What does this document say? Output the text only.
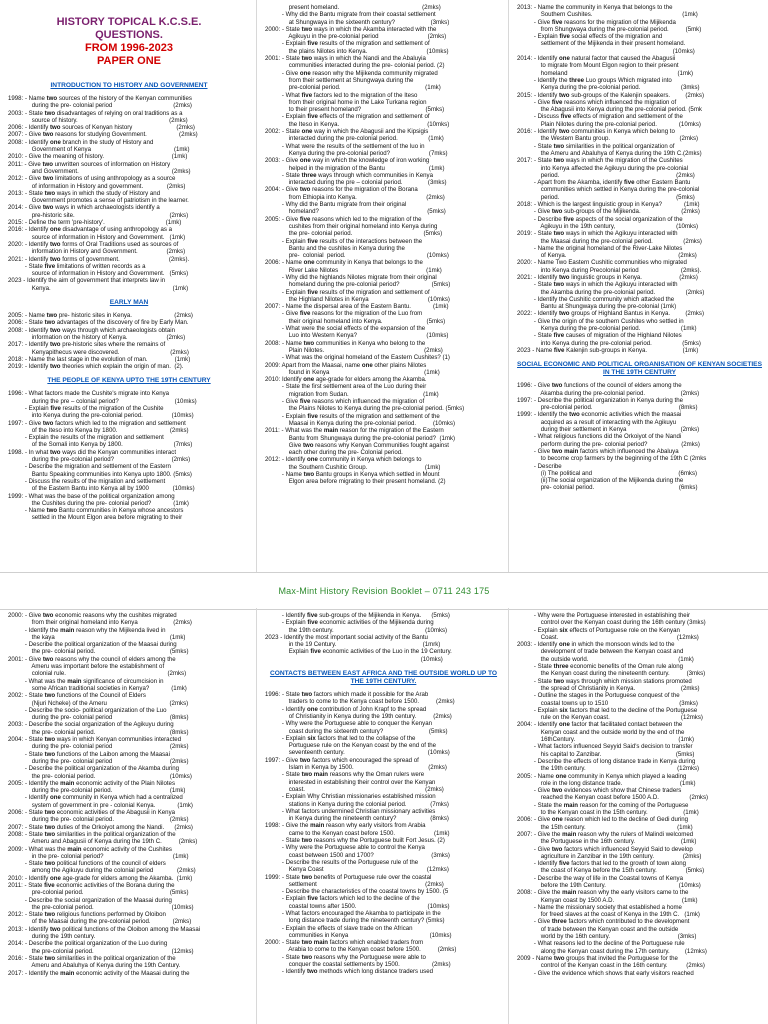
HISTORY TOPICAL K.C.S.E.
QUESTIONS.
FROM 1996-2023
PAPER ONE
INTRODUCTION TO HISTORY AND GOVERNMENT
1998: - Name two sources of the history of the Kenyan communities
during the pre- colonial period                                    (2mks)
2003: - State two disadvantages of relying on oral traditions as a
source of history.                                                      (2mks)
2006: - Identify two sources of Kenyan history                          (2mks)
2007: - Give two reasons for studying Government.                   (2mks)
2008: - Identify one branch in the study of History and
Government of Kenya                                                 (1mk)
2010: - Give the meaning of history.                                        (1mk)
2011: - Give two unwritten sources of information on History
and Government.                                                       (2mks)
2012: - Give two limitations of using anthropology as a source
of information in History and government.              (2mks)
2013: - State two ways in which the study of History and
Government promotes a sense of patriotism in the learner.
2014: - Give two ways in which archaeologists identify a
pre-historic site.                                                        (2mks)
2015: - Define the term 'pre-history'.                                    (1mk)
2016: - Identify one disadvantage of using anthropology as a
source of information in History and Government.   (1mk)
2020: - Identify two forms of Oral Traditions used as sources of
information in History and Government.                 (2mks)
2021: - Identify two forms of government.                             (2mks).
- State five limitations of written records as a
source of information in History and Government.   (5mks)
2023 - Identify the aim of government that interprets law in
Kenya.                                                                        (1mk)
EARLY MAN
2005: - Name two pre- historic sites in Kenya.                         (2mks)
2006: - State two advantages of the discovery of fire by Early Man.
2008: - Identify two ways through which archaeologists obtain
information on the history of Kenya.                       (2mks)
2017: - Identify two pre-historic sites where the remains of
Kenyapithecus were discovered.                              (2mks)
2018: - Name the last stage in the evolution of man.                (1mk)
2019: - Identify two theories which explain the origin of man.  (2).
THE PEOPLE OF KENYA UPTO THE 19TH CENTURY
1996: - What factors made the Cushite's migrate into Kenya
during the pre – colonial period?                                 (10mks)
- Explain five results of the migration of the Cushite
into Kenya during the pre-colonial period.                 (10mks)
1997: - Give two factors which led to the migration and settlement
of the Iteso into Kenya by 1800.                               (2mks)
- Explain the results of the migration and settlement
of the Somali into Kenya by 1800.                              (7mks)
1998. - In what two ways did the Kenyan communities interact
during the pre-colonial period?                                  (2mks)
- Describe the migration and settlement of the Eastern
Bantu Speaking communities into Kenya upto 1800. (5mks)
- Discuss the results of the migration and settlement
of the Eastern Bantu into Kenya all by 1900              (10mks)
1999: - What was the base of the political organization among
the Cushites during the pre- colonial period?             (1mk)
- Name two Bantu communities in Kenya whose ancestors
settled in the Mount Elgon area before migrating to their
present homeland.                                                 (2mks)
- Why did the Bantu migrate from their coastal settlement
at Shungwaya in the sixteenth century?                     (3mks)
2000: - State two ways in which the Akamba interacted with the
Agikuyu in the pre-colonial period                             (2mks)
- Explain five results of the migration and settlement of
the plains Nilotes into Kenya.                                   (10mks)
2001: - State two ways in which the Nandi and the Abaluyia
communities interacted during the pre- colonial period. (2)
- Give one reason why the Mijikenda community migrated
from their settlement at Shungwaya during the
pre-colonial period.                                                  (1mk)
- What five factors led to the migration of the Iteso
from their original home in the Lake Turkana region
to their present homeland?                                      (5mks)
- Explain five effects of the migration and settlement of
the Iteso in Kenya.                                                    (10mks)
2002: - State one way in which the Abagusii and the Kipsigis
interacted during the pre-colonial period.                  (1mk)
- What were the results of the settlement of the luo in
Kenya during the pre-colonial period?                       (7mks)
2003: - Give one way in which the knowledge of iron working
helped in the migration of the Bantu                          (1mk)
- State three ways through which communities in Kenya
interacted during the pre – colonial period.               (3mks)
2004: - Give two reasons for the migration of the Borana
from Ethiopia into Kenya.                                         (2mks)
- Why did the Bantu migrate from their original
homeland?                                                                (5mks)
2005: - Give five reasons which led to the migration of the
cushites from their original homeland into Kenya during
the pre- colonial period.                                          (5mks)
- Explain five results of the interactions between the
Bantu and the cushites in Kenya during the
pre-  colonial  period.                                                (10mks)
2006: - Name one community in Kenya that belongs to the
River Lake Nilotes                                                    (1mk)
- Why did the highlands Nilotes migrate from their original
homeland during the pre-colonial period?                   (5mks)
- Explain five results of the migration and settlement of
the Highland Nilotes in Kenya                                   (10mks)
2007: - Name the dispersal area of the Eastern Bantu.             (1mk)
- Give five reasons for the migration of the Luo from
their original homeland into Kenya.                          (5mks)
- What were the social effects of the expansion of the
Luo into Western Kenya?                                         (10mks)
2008: - Name two communities in Kenya who belong to the
Plain Nilotes.                                                           (2mks)
- What was the original homeland of the Eastern Cushites? (1)
2009: Apart from the Maasai, name one other plains Nilotes
found in Kenya                                                        (1mk)
2010: Identify one age-grade for elders among the Akamba.
- State the first settlement area of the Luo during their
migration from Sudan.                                            (1mk)
- Give five reasons which influenced the migration of
the Plains Nilotes to Kenya during the pre-colonial period. (5mks)
- Explain five results of the migration and settlement of the
Maasai in Kenya during the pre-colonial period.          (10mks)
2011: - What was the main reason for the migration of the Eastern
Bantu from Shungwaya during the pre-colonial period?  (1mk)
Give two reasons why Kenyan Communities fought against
each other during the pre- Colonial period.
2012: - Identify one community in Kenya which belongs to
the Southern Cushitic Group.                                  (1mk)
- Name two Bantu groups in Kenya which settled in Mount
Elgon area before migrating to their present homeland. (2)
2013: - Name the community in Kenya that belongs to the
Southern Cushites.                                                     (1mk)
- Give five reasons for the migration of the Mijikenda
from Shungwaya during the pre-colonial period.          (5mk)
- Explain five social effects of the migration and
settlement of the Mijikenda in their present homeland.
(10mks)
2014: - Identify one natural factor that caused the Abagusii
to migrate from Mount Elgon region to their present
homeland                                                                 (1mk)
- Identify the three Luo groups Which migrated into
Kenya during the pre-colonial period.                        (3mks)
2015: - Identify two sub-groups of the Kalenjin speakers.         (2mks)
- Give five reasons which influenced the migration of
the Abagusii into Kenya during the pre-colonial period. (5mk
- Discuss five effects of migration and settlement of the
Plain Nilotes during the pre-colonial period.             (10mks)
2016: - Identify two communities in Kenya which belong to
the Western Bantu group.                                         (2mks)
- State two similarities in the political organization of
the Ameru and Abaluhya of Kenya during the 19th C.(2mks)
2017: - State two ways in which the migration of the Cushites
into Kenya affected the Agikuyu during the pre-colonial
period.                                                                     (2mks)
- Apart from the Akamba, identify five other Eastern Bantu
communities which settled in Kenya during the pre-colonial
period.                                                                     (5mks)
2018: - Which is the largest linguistic group in Kenya?             (1mk)
- Give two sub-groups of the Mijikenda.                        (2mks)
- Describe five aspects of the social organization of the
Agikuyu in the 19th century,                                    (10mks)
2019: - State two ways in which the Agikuyu interacted with
the Maasai during the pre-colonial period.                  (2mks)
- Name the original homeland of the River-Lake Nilotes
of Kenya.                                                                  (2mks)
2020: - Name Two Eastern Cushitic communities who migrated
into Kenya during Precolonial period                         (2mks).
2021: - Identify two linguistic groups in Kenya.                      (2mks)
- State two ways in which the Agikuyu interacted with
the Akamba during the pre-colonial period.                  (2mks)
- Identify the Cushitic community which attacked the
Bantu at Shungwaya during the pre-colonial (1mk)
2022: - Identify two groups of Highland Bantus in Kenya.         (2mks)
- Give the origin of the southern Cushites who settled in
Kenya during the pre-colonial period.                        (1mk)
- State five causes of migration of the Highland Nilotes
into Kenya during the pre-colonial period.                  (5mks)
2023 - Name five Kalenjin sub-groups in Kenya.                     (1mk)
SOCIAL ECONOMIC AND POLITICAL ORGANISATION OF KENYAN SOCIETIES IN THE 19TH CENTURY
1996: - Give two functions of the council of elders among the
Akamba during the pre-colonial period.                     (2mks)
1997: - Describe the political organization in Kenya during the
pre-colonial period.                                                   (8mks)
1999: - Identify the two economic activities which the maasai
acquired as a result of interacting with the Agikuyu
during their settlement in Kenya                                (2mks)
- What religious functions did the Orkoiyot of the Nandi
perform during the pre- colonial period?                    (2mks)
- Give two main factors which influenced the Abaluya
to become crop farmers by the beginning of the 19th C (2mks
- Describe
(i) The political and                                                   (6mks)
(ii)The social organization of the Mijikenda during the
pre- colonial period.                                                  (6mks)
Max-Mint History Revision Booklet – 0711 243 175
2000: - Give two economic reasons why the cushites migrated
from their original homeland into Kenya                     (2mks)
- Identify the main reason why the Mijikenda lived in
the kaya                                                                    (1mk)
- Describe the political organization of the Maasai during
the pre- colonial period.                                            (5mks)
2001: - Give two reasons why the council of elders among the
Ameru was important before the establishment of
colonial rule.                                                            (2mks)
- What was the main significance of circumcision in
some African traditional societies in Kenya?             (1mk)
2002: - State two functions of the Council of Elders
(Njuri Ncheke) of the Ameru                                     (2mks)
- Describe the socio- political organization of the Luo
during the pre- colonial period                                  (8mks)
2003: - Describe the social organization of the Agikuyu during
the pre- colonial period.                                            (8mks)
2004: - State two ways in which Kenyan communities interacted
during the pre- colonial period                                  (2mks)
- State two functions of the Laibon among the Maasai
during the pre- colonial period                                  (2mks)
- Describe the political organization of the Akamba during
the pre- colonial period.                                            (10mks)
2005: - Identify the main economic activity of the Plain Nilotes
during the pre-colonial period.                                  (1mk)
- Identify one community in Kenya which had a centralized
system of government in pre - colonial Kenya.             (1mk)
2006: - State two economic activities of the Abagusii in Kenya
during the pre- colonial period.                                 (2mks)
2007: - State two duties of the Orkoiyot among the Nandi.      (2mks)
2008: - State two similarities in the political organization of the
Ameru and Abagusii of Kenya during the 19th C.          (2mks)
2009: - What was the main economic activity of the Cushites
in the pre- colonial period?                                         (1mk)
- State two political functions of the council of elders
among the Agikuyu during the colonial period              (2mks)
2010: - Identify one age-grade for elders among the Akamba.  (1mk)
2011: - State five economic activities of the Borana during the
pre-colonial period.                                                   (5mks)
- Describe the social organization of the Maasai during
the pre-colonial period.                                              (10mks)
2012: - State two religious functions performed by Oloibon
of the Maasai during the pre-colonial period.             (2mks)
2013: - Identify two political functions of the Oloibon among the Maasai
during the 19th century.
2014: - Describe the political organization of the Luo during
the pre-colonial period.                                              (12mks)
2016: - State two similarities in the political organization of the
Ameru and Abaluhya of Kenya during the 19th Century.
2017: - Identify the main economic activity of the Maasai during the
- Identify five sub-groups of the Mijikenda in Kenya.      (5mks)
- Explain five economic activities of the Mijikenda during
the 19th century.                                                      (10mks)
2023 - Identify the most important social activity of the Bantu
in the 19 Century.                                                   (1mrk)
Explain five economic activities of the Luo in the 19 Century.
(10mks)
CONTACTS BETWEEN EAST AFRICA AND THE OUTSIDE WORLD UP TO THE 19TH CENTURY.
1996: - State two factors which made it possible for the Arab
traders to come to the Kenya coast before 1500.          (2mks)
- Identify one contribution of John Krapf to the spread
of Christianity in Kenya during the 19th century.          (2mks)
- Why were the Portuguese able to conquer the Kenyan
coast during the sixteenth century?                           (5mks)
- Explain six factors that led to the collapse of the
Portuguese rule on the Kenyan coast by the end of the
seventeenth century.                                                 (10mks)
1997: - Give two factors which encouraged the spread of
Islam in Kenya by 1500.                                            (2mks)
- State two main reasons why the Oman rulers were
interested in establishing their control over the Kenyan
coast.                                                                       (2mks)
- Explain Why Christian missionaries established mission
stations in Kenya during the colonial period.              (7mks)
- What factors undermined Christian missionary activities
in Kenya during the nineteenth century?                    (8mks)
1998: - Give the main reason why early visitors from Arabia
came to the Kenyan coast before 1500.                       (1mk)
- State two reasons why the Portuguese built Fort Jesus. (2)
- Why were the Portuguese able to control the Kenya
coast between 1500 and 1700?                                  (3mks)
- Describe the results of the Portuguese rule of the
Kenya Coast                                                             (12mks)
1999: - State two benefits of Portuguese rule over the coastal
settlement                                                                (2mks)
- Describe the characteristics of the coastal towns by 1500. (5
- Explain five factors which led to the decline of the
coastal towns after 1500.                                          (10mks)
- What factors encouraged the Akamba to participate in the
long distance trade during the nineteenth century? (5mks)
- Explain the effects of slave trade on the African
communities in Kenya                                                (10mks)
2000: - State two main factors which enabled traders from
Arabia to come to the Kenyan coast before 1500.          (2mks)
- State two reasons why the Portuguese were able to
conquer the coastal settlements by 1500.                   (2mks)
- Identify two methods which long distance traders used
- Why were the Portuguese interested in establishing their
control over the Kenyan coast during the 16th century (3mks)
- Explain six effects of Portuguese role on the Kenyan
Coast.                                                                      (12mks)
2003: - Identify one in which the monsoon winds led to the
development of trade between the Kenyan coast and
the outside world.                                                     (1mk)
- State three economic benefits of the Oman rule along
the Kenyan coast during the nineteenth century.          (3mks)
- State two ways through which mission stations promoted
the spread of Christianity in Kenya.                           (2mks)
- Outline the stages in the Portuguese conquest of the
coastal towns up to 1510                                          (3mks)
- Explain six factors that led to the decline of the Portuguese
rule on the Kenyan coast.                                          (12mks)
2004: - Identify one factor that facilitated contact between the
Kenyan coast and the outside world by the end of the
16thCentury.                                                             (1mk)
- What factors influenced Seyyid Said's decision to transfer
his capital to Zanzibar.                                            (5mks)
- Describe the effects of long distance trade in Kenya during
the 19th century.                                                      (12mks)
2005: - Name one community in Kenya which played a leading
role in the long distance trade.                                  (1mk)
- Give two evidences which show that Chinese traders
reached the Kenyan coast before 1500 A.D.                  (2mks)
- State the main reason for the coming of the Portuguese
to the Kenyan coast in the 15th century.                     (1mk)
2006: - Give one reason which led to the decline of Gedi during
the 15th century.                                                      (1mk)
2007: - Give the main reason why the rulers of Malindi welcomed
the Portuguese in the 16th century.                           (1mk)
- Give two factors which influenced Seyyid Said to develop
agriculture in Zanzibar in the 19th century.                 (2mks)
- Identify five factors that led to the growth of town along
the coast of Kenya before the 15th century.                 (5mks)
- Describe the way of life in the Coastal towns of Kenya
before the 19th Century.                                           (10mks)
2008: - Give the main reason why the early visitors came to the
Kenyan coast by 1500 A.D.                                        (1mk)
- Name the missionary society that established a home
for freed slaves at the coast of Kenya in the 19th C.   (1mk)
- Give three factors which contributed to the development
of trade between the Kenyan coast and the outside
world by the 16th century.                                        (3mks)
- What reasons led to the decline of the Portuguese rule
along the Kenyan coast during the 17th century.         (12mks)
2009 - Name two groups that invited the Portuguese for the
control of the Kenyan coast in the 16th century.           (2mks)
- Give the evidence which shows that early visitors reached
